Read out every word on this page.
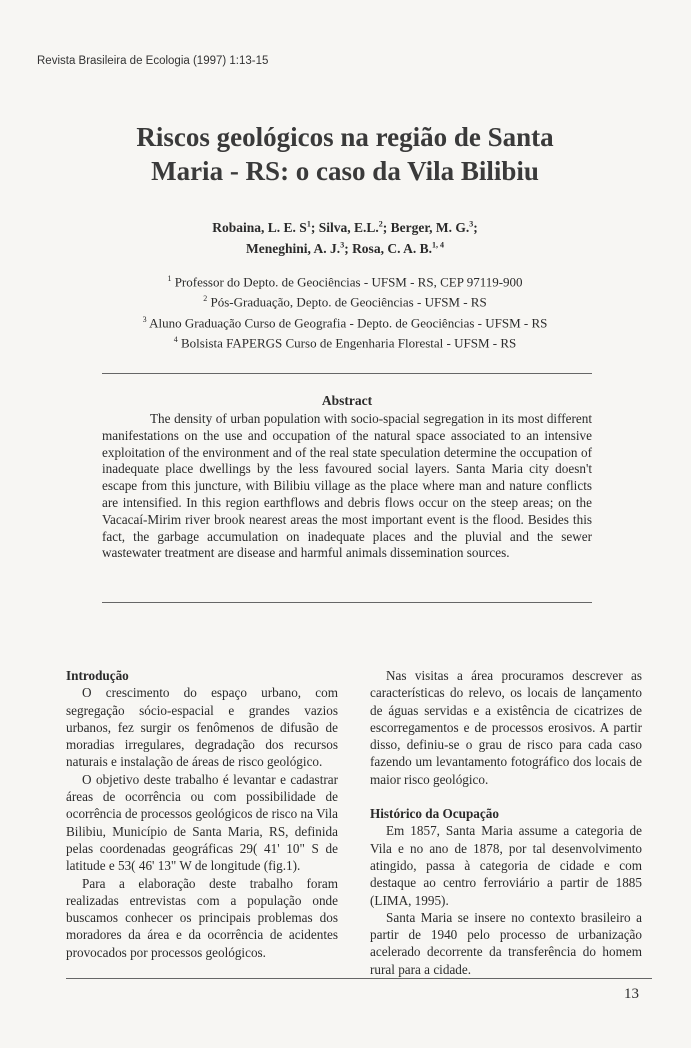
Revista Brasileira de Ecologia (1997) 1:13-15
Riscos geológicos na região de Santa
Maria - RS: o caso da Vila Bilibiu
Robaina, L. E. $S^1$; Silva, E.L.$^2$; Berger, M. G.$^3$;
Meneghini, A. J.$^3$; Rosa, C. A. B.$^{1, 4}$
$^1$ Professor do Depto. de Geociências - UFSM - RS, CEP 97119-900
$^2$ Pós-Graduação, Depto. de Geociências - UFSM - RS
$^3$ Aluno Graduação Curso de Geografia - Depto. de Geociências - UFSM - RS
$^4$ Bolsista FAPERGS Curso de Engenharia Florestal - UFSM - RS
Abstract

The density of urban population with socio-spacial segregation in its most different manifestations on the use and occupation of the natural space associated to an intensive exploitation of the environment and of the real state speculation determine the occupation of inadequate place dwellings by the less favoured social layers. Santa Maria city doesn't escape from this juncture, with Bilibiu village as the place where man and nature conflicts are intensified. In this region earthflows and debris flows occur on the steep areas; on the Vacacaí-Mirim river brook nearest areas the most important event is the flood. Besides this fact, the garbage accumulation on inadequate places and the pluvial and the sewer wastewater treatment are disease and harmful animals dissemination sources.

Introdução

O crescimento do espaço urbano, com segregação sócio-espacial e grandes vazios urbanos, fez surgir os fenômenos de difusão de moradias irregulares, degradação dos recursos naturais e instalação de áreas de risco geológico.

O objetivo deste trabalho é levantar e cadastrar áreas de ocorrência ou com possibilidade de ocorrência de processos geológicos de risco na Vila Bilibiu, Município de Santa Maria, RS, definida pelas coordenadas geográficas 29( 41' 10" S de latitude e 53( 46' 13" W de longitude (fig.1).

Para a elaboração deste trabalho foram realizadas entrevistas com a população onde buscamos conhecer os principais problemas dos moradores da área e da ocorrência de acidentes provocados por processos geológicos.

Nas visitas a área procuramos descrever as características do relevo, os locais de lançamento de águas servidas e a existência de cicatrizes de escorregamentos e de processos erosivos. A partir disso, definiu-se o grau de risco para cada caso fazendo um levantamento fotográfico dos locais de maior risco geológico.

Histórico da Ocupação

Em 1857, Santa Maria assume a categoria de Vila e no ano de 1878, por tal desenvolvimento atingido, passa à categoria de cidade e com destaque ao centro ferroviário a partir de 1885 (LIMA, 1995).

Santa Maria se insere no contexto brasileiro a partir de 1940 pelo processo de urbanização acelerado decorrente da transferência do homem rural para a cidade.

13
